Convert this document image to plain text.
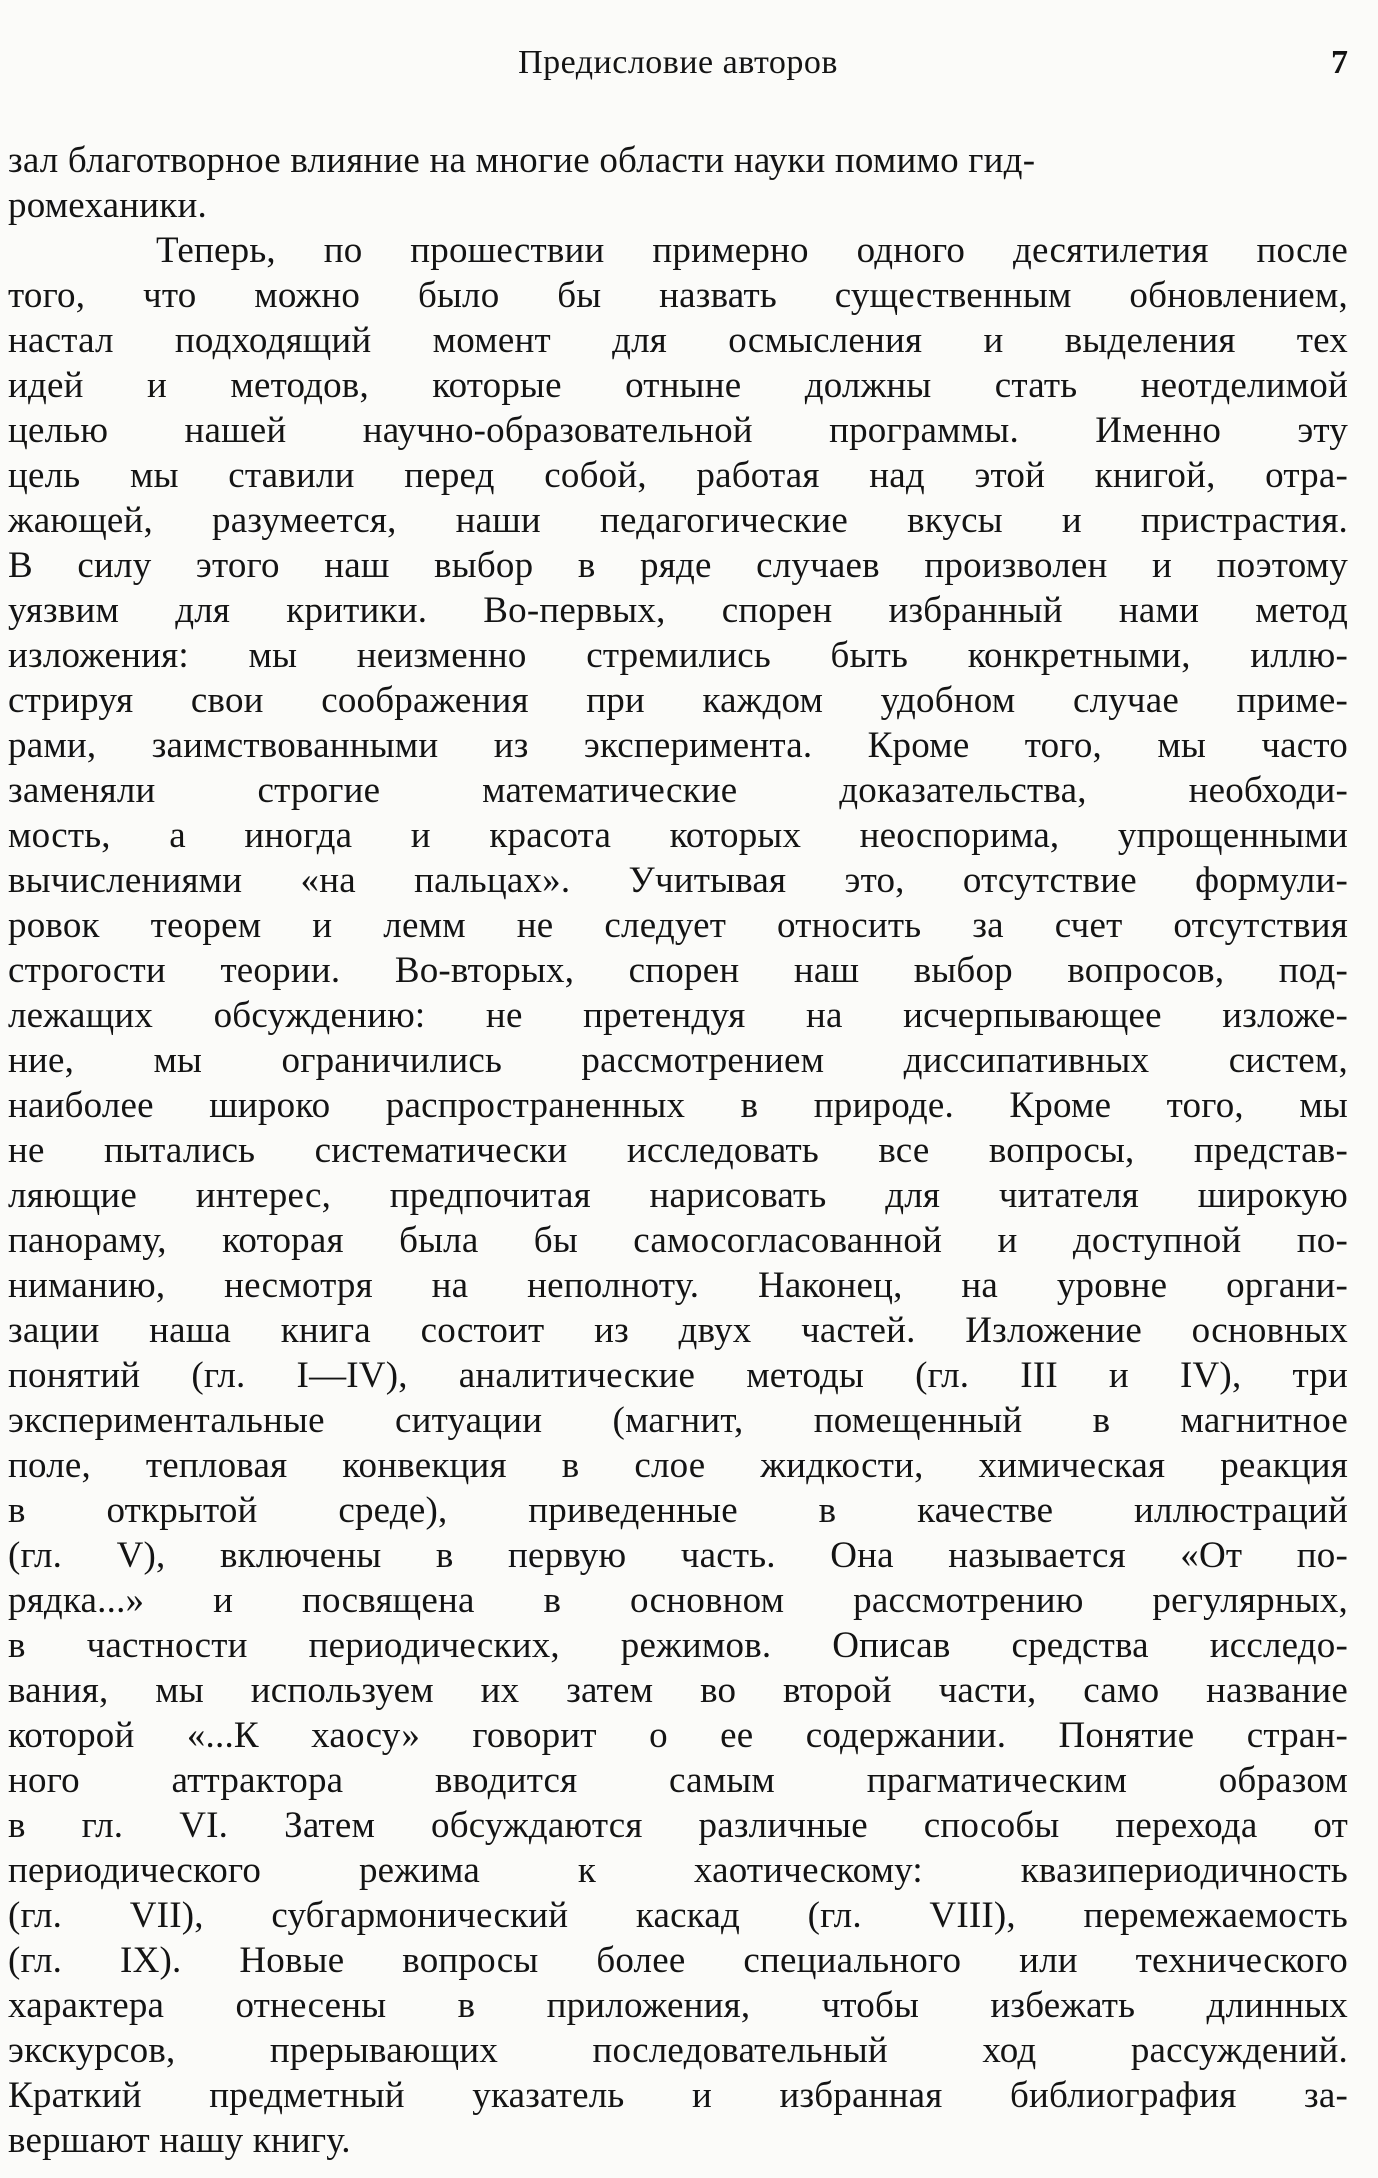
Предисловие авторов	7
зал благотворное влияние на многие области науки помимо гид-
ромеханики.
Теперь, по прошествии примерно одного десятилетия после
того, что можно было бы назвать существенным обновлением,
настал подходящий момент для осмысления и выделения тех
идей и методов, которые отныне должны стать неотделимой
целью нашей научно-образовательной программы. Именно эту
цель мы ставили перед собой, работая над этой книгой, отра-
жающей, разумеется, наши педагогические вкусы и пристрастия.
В силу этого наш выбор в ряде случаев произволен и поэтому
уязвим для критики. Во-первых, спорен избранный нами метод
изложения: мы неизменно стремились быть конкретными, иллю-
стрируя свои соображения при каждом удобном случае приме-
рами, заимствованными из эксперимента. Кроме того, мы часто
заменяли строгие математические доказательства, необходи-
мость, а иногда и красота которых неоспорима, упрощенными
вычислениями «на пальцах». Учитывая это, отсутствие формули-
ровок теорем и лемм не следует относить за счет отсутствия
строгости теории. Во-вторых, спорен наш выбор вопросов, под-
лежащих обсуждению: не претендуя на исчерпывающее изложе-
ние, мы ограничились рассмотрением диссипативных систем,
наиболее широко распространенных в природе. Кроме того, мы
не пытались систематически исследовать все вопросы, представ-
ляющие интерес, предпочитая нарисовать для читателя широкую
панораму, которая была бы самосогласованной и доступной по-
ниманию, несмотря на неполноту. Наконец, на уровне органи-
зации наша книга состоит из двух частей. Изложение основных
понятий (гл. I—IV), аналитические методы (гл. III и IV), три
экспериментальные ситуации (магнит, помещенный в магнитное
поле, тепловая конвекция в слое жидкости, химическая реакция
в открытой среде), приведенные в качестве иллюстраций
(гл. V), включены в первую часть. Она называется «От по-
рядка...» и посвящена в основном рассмотрению регулярных,
в частности периодических, режимов. Описав средства исследо-
вания, мы используем их затем во второй части, само название
которой «...К хаосу» говорит о ее содержании. Понятие стран-
ного аттрактора вводится самым прагматическим образом
в гл. VI. Затем обсуждаются различные способы перехода от
периодического режима к хаотическому: квазипериодичность
(гл. VII), субгармонический каскад (гл. VIII), перемежаемость
(гл. IX). Новые вопросы более специального или технического
характера отнесены в приложения, чтобы избежать длинных
экскурсов, прерывающих последовательный ход рассуждений.
Краткий предметный указатель и избранная библиография за-
вершают нашу книгу.
